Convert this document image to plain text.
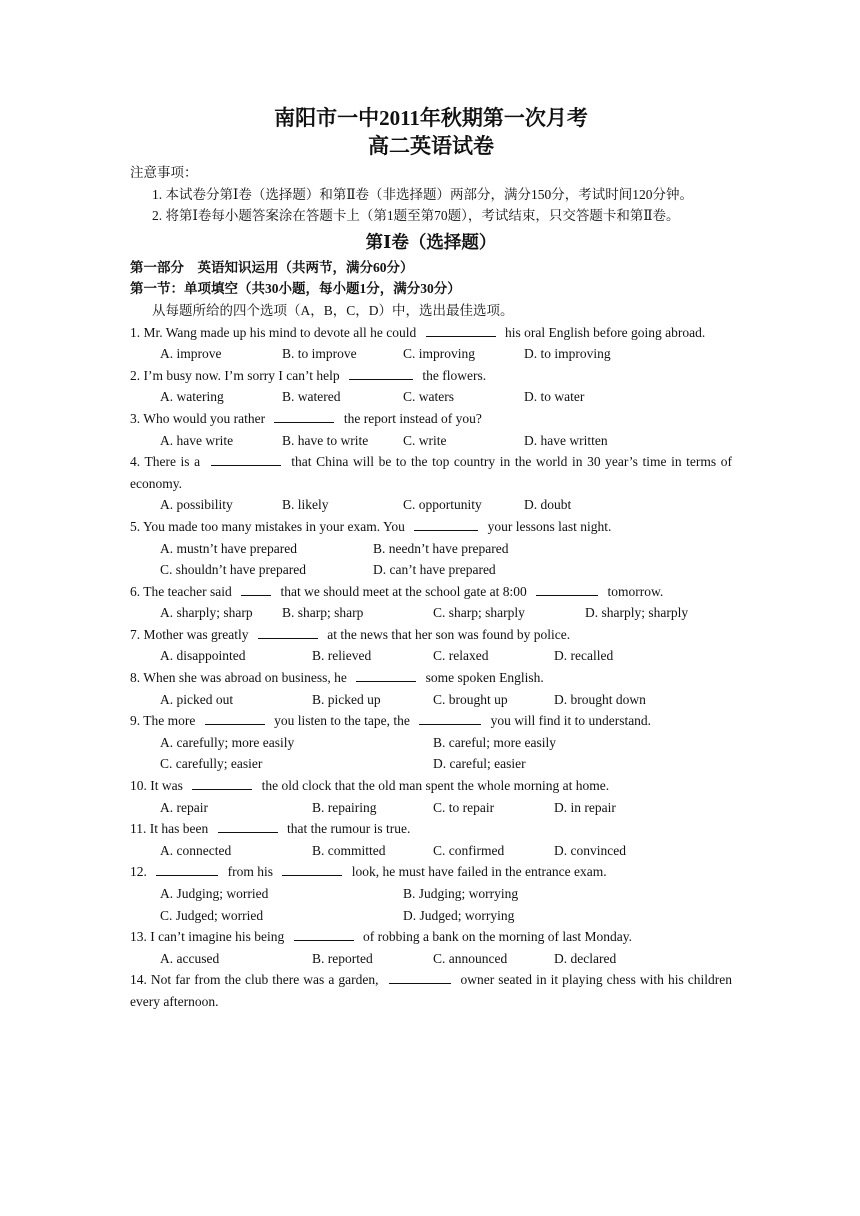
南阳市一中2011年秋期第一次月考
高二英语试卷
注意事项：
1. 本试卷分第Ⅰ卷（选择题）和第Ⅱ卷（非选择题）两部分，满分150分，考试时间120分钟。
2. 将第Ⅰ卷每小题答案涂在答题卡上（第1题至第70题），考试结束，只交答题卡和第Ⅱ卷。
第Ⅰ卷（选择题）
第一部分　英语知识运用（共两节，满分60分）
第一节：单项填空（共30小题，每小题1分，满分30分）
从每题所给的四个选项（A，B，C，D）中，选出最佳选项。
1. Mr. Wang made up his mind to devote all he could	his oral English before going abroad.
A. improve	B. to improve	C. improving	D. to improving
2. I’m busy now. I’m sorry I can’t help	the flowers.
A. watering	B. watered	C. waters	D. to water
3. Who would you rather	the report instead of you?
A. have write	B. have to write	C. write	D. have written
4. There is a	that China will be to the top country in the world in 30 year’s time in terms of economy.
A. possibility	B. likely	C. opportunity	D. doubt
5. You made too many mistakes in your exam. You	your lessons last night.
A. mustn’t have prepared	B. needn’t have prepared
C. shouldn’t have prepared	D. can’t have prepared
6. The teacher said	that we should meet at the school gate at 8:00	tomorrow.
A. sharply; sharp B. sharp; sharp	C. sharp; sharply	D. sharply; sharply
7. Mother was greatly	at the news that her son was found by police.
A. disappointed	B. relieved	C. relaxed	D. recalled
8. When she was abroad on business, he	some spoken English.
A. picked out	B. picked up	C. brought up	D. brought down
9. The more	you listen to the tape, the	you will find it to understand.
A. carefully; more easily	B. careful; more easily
C. carefully; easier	D. careful; easier
10. It was	the old clock that the old man spent the whole morning at home.
A. repair	B. repairing	C. to repair	D. in repair
11. It has been	that the rumour is true.
A. connected	B. committed	C. confirmed	D. convinced
12.	from his	look, he must have failed in the entrance exam.
A. Judging; worried	B. Judging; worrying
C. Judged; worried	D. Judged; worrying
13. I can’t imagine his being	of robbing a bank on the morning of last Monday.
A. accused	B. reported	C. announced	D. declared
14. Not far from the club there was a garden,	owner seated in it playing chess with his children every afternoon.
